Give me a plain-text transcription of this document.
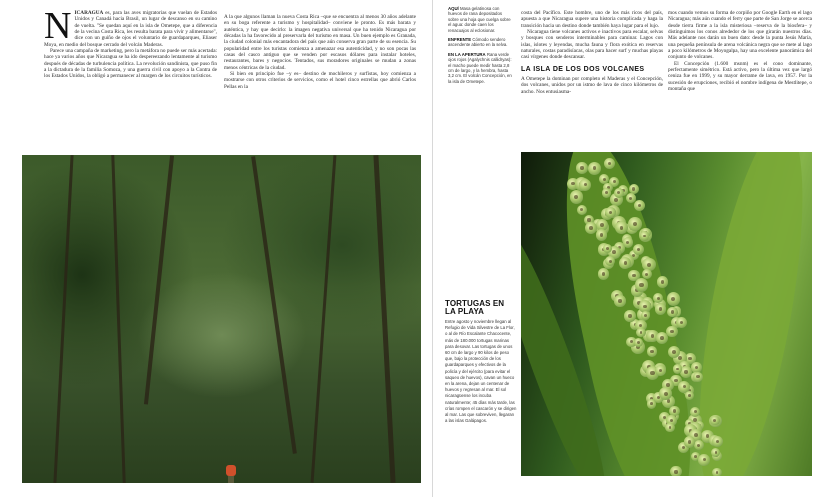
NICARAGUA es, para las aves migratorias que vuelan de Estados Unidos y Canadá hacia Brasil, un lugar de descanso en su camino de vuelta. "Se quedan aquí en la isla de Ometepe, que a diferencia de la vecina Costa Rica, les resulta barata para vivir y alimentarse", dice con un guiño de ojos el voluntario de guardaparques, Eliaser Moya, en medio del bosque cerrado del volcán Maderas.

Parece una campaña de marketing, pero la metáfora no puede ser más acertada: hace ya varios años que Nicaragua se ha ido despereezando lentamente al turismo después de décadas de turbulencia política. La revolución sandinista, que puso fin a la dictadura de la familia Somoza, y una guerra civil con apoyo a la Contra de los Estados Unidos, la obligó a permanecer al margen de los circuitos turísticos.

A la que algunos llaman la nueva Costa Rica –que se encuentra al menos 30 años adelante en su boga referente a turismo y hospitalidad– conviene le pronto. Es más barata y auténtica, y hay que decirlo: la imagen negativa universal que ha tenido Nicaragua por décadas la ha favorecido al preservarla del turismo en masa. Un buen ejemplo es Granada, la ciudad colonial más encantadora del país que aún conserva gran parte de su esencia. Su popularidad entre los turistas comienza a amenazar esa autenticidad, y no son pocas las casas del casco antiguo que se venden por escasos dólares para instalar hoteles, restaurantes, bares y negocios. Tentados, sus moradores originales se mudan a zonas menos céntricas de la ciudad.

Si bien en principio fue –y es– destino de mochileros y surfistas, hoy comienza a mostrarse con otros criterios de servicios, como el hotel cinco estrellas que abrió Carlos Pellas en la

AQUÍ Masa gelatinosa con huevos de rana depositados sobre una hoja que cuelga sobre el agua: donde caen los renacuajos al eclosionar.

ENFRENTE Cómodo sendero ascendente abierto en la selva.

EN LA APERTURA Rana verde ojos rojos (Agalychnis callidryas): el macho puede medir hasta 2,8 cm de largo, y la hembra, hasta 3,2 cm. El volcán Concepción, en la isla de Ometepe.

TORTUGAS EN LA PLAYA

Entre agosto y noviembre llegan al Refugio de Vida Silvestre de La Flor, o al de Río Escalante Chacocente, más de 180.000 tortugas marinas para desovar. Las tortugas de unos 60 cm de largo y 90 kilos de peso que, bajo la protección de los guardaparques y efectivos de la policía y del ejército (para evitar el saqueo de huevos), cavan un hueco en la arena, dejan un centenar de huevos y regresan al mar. El sol nicaragüense los incuba naturalmente; 45 días más tarde, las crías rompen el cascarón y se dirigen al mar. Las que sobreviven, llegaran a las islas Galápagos.

costa del Pacífico. Este hombre, uno de los más ricos del país, apuesta a que Nicaragua supere una historia complicada y haga la transición hacia un destino donde también haya lugar para el lujo.

Nicaragua tiene volcanes activos e inactivos para escalar, selvas y bosques con senderos interminables para caminar. Lagos con islas, islotes y leyendas, mucha fauna y flora exótica en reservas naturales, costas paradisíacas, olas para hacer surf y muchas playas casi vírgenes donde descansar.

LA ISLA DE LOS DOS VOLCANES

A Ometepe la dominan por completo el Maderas y el Concepción, dos volcanes, unidos por un istmo de lava de cinco kilómetros de ancho. Nos entusiasma-

mos cuando vemos su forma de corpiño por Google Earth en el lago Nicaragua; más aún cuando el ferry que parte de San Jorge se acerca desde tierra firme a la isla misteriosa –reserva de la biosfera– y distinguimos los conos alrededor de los que girarán nuestros días. Más adelante nos darán un buen dato: desde la punta Jesús María, una pequeña península de arena volcánica negra que se mete al lago a poco kilómetros de Moyogalpa, hay una excelente panorámica del conjunto de volcanes.

El Concepción (1.600 msnm) es el cono dominante, perfectamente simétrico. Está activo, pero la última vez que largó ceniza fue en 1999, y su mayor derrame de lava, en 1957. Por la sucesión de erupciones, recibió el nombre indígena de Mestlitepe, o montaña que
